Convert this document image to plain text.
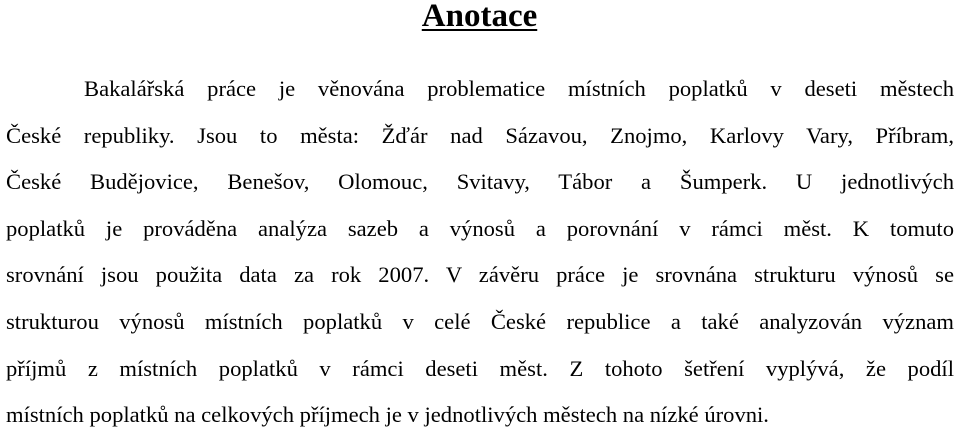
Anotace
Bakalářská práce je věnována problematice místních poplatků v deseti městech
České republiky. Jsou to města: Žďár nad Sázavou, Znojmo, Karlovy Vary, Příbram,
České Budějovice, Benešov, Olomouc, Svitavy, Tábor a Šumperk. U jednotlivých
poplatků je prováděna analýza sazeb a výnosů a porovnání v rámci měst. K tomuto
srovnání jsou použita data za rok 2007. V závěru práce je srovnána strukturu výnosů se
strukturou výnosů místních poplatků v celé České republice a také analyzován význam
příjmů z místních poplatků v rámci deseti měst. Z tohoto šetření vyplývá, že podíl
místních poplatků na celkových příjmech je v jednotlivých městech na nízké úrovni.
